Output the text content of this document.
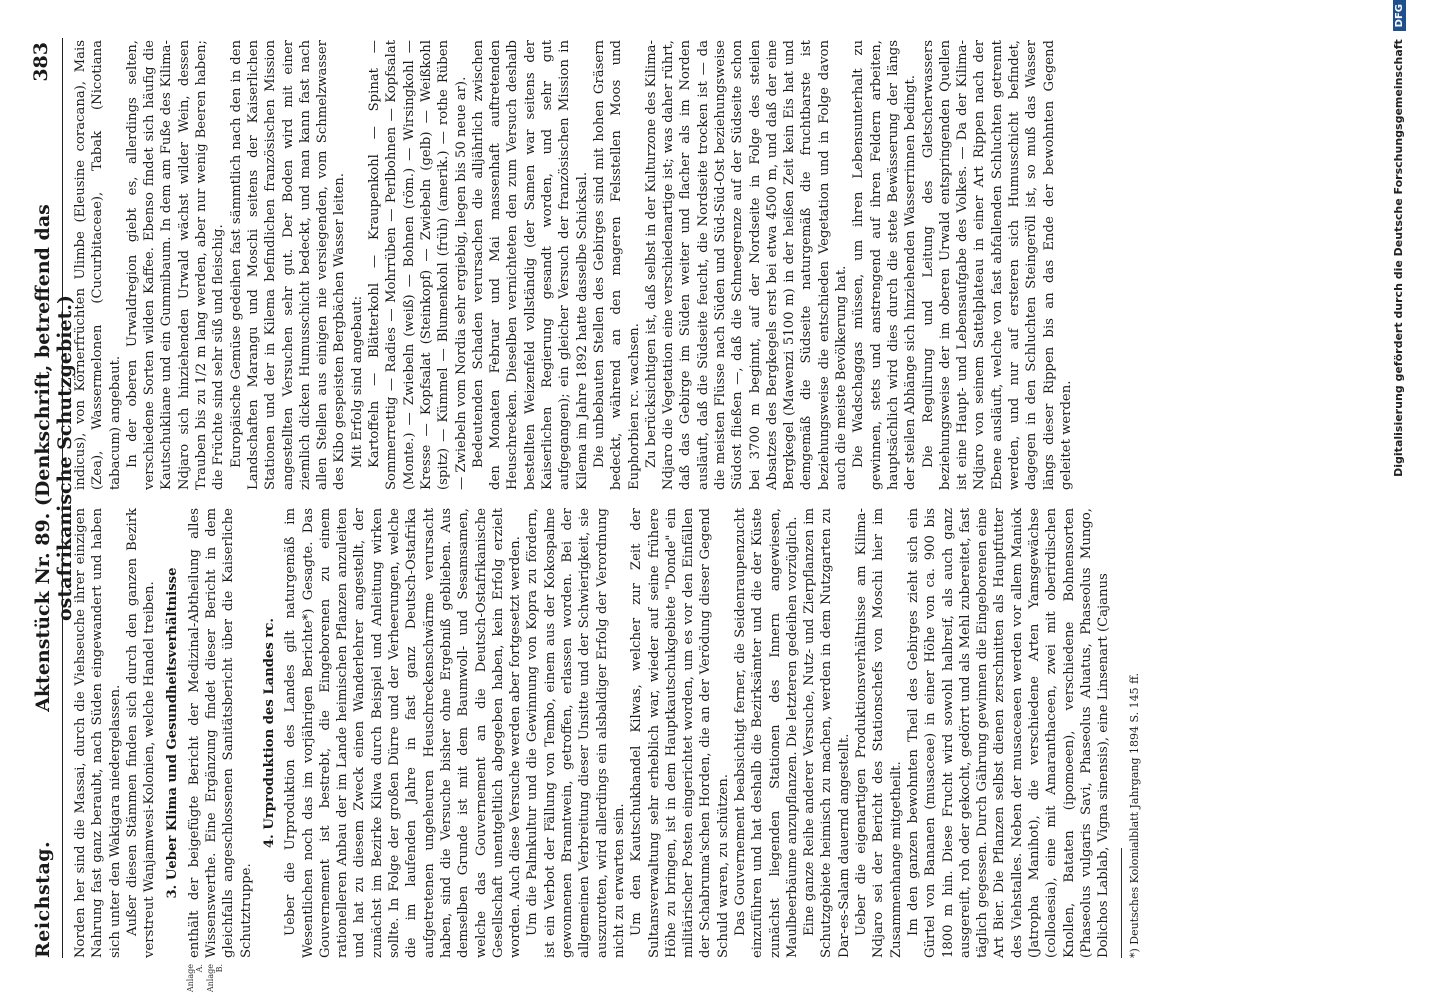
Reichstag.
Aktenstück Nr. 89. (Denkschrift, betreffend das ostafrikanische Schutzgebiet.)
383

Norden her sind die Massai, durch die Viehseuche ihrer einzigen Nahrung fast ganz beraubt, nach Süden eingewandert und haben sich unter den Wakigara niedergelassen. Außer diesen Stämmen finden sich durch den ganzen Bezirk verstreut Wanjamwesi-Kolonien, welche Handel treiben. 3. Ueber Klima und Gesundheitsverhältnisse
Anlage A. Anlage B.

enthält der beigefügte Bericht der Medizinal-Abtheilung alles Wissenswerthe. Eine Ergänzung findet dieser Bericht in dem gleichfalls angeschlossenen Sanitätsbericht über die Kaiserliche Schutztruppe.

4. Urproduktion des Landes rc. Ueber die Urproduktion des Landes gilt naturgemäß im Wesentlichen noch das im vorjährigen Berichte*) Gesagte. Das Gouvernement ist bestrebt, die Eingeborenen zu einem rationelleren Anbau der im Lande heimischen Pflanzen anzuleiten und hat zu diesem Zweck einen Wanderlehrer angestellt, der zunächst im Bezirke Kilwa durch Beispiel und Anleitung wirken sollte. In Folge der großen Dürre und der Verheerungen, welche die im laufenden Jahre in fast ganz Deutsch-Ostafrika aufgetretenen ungeheuren Heuschreckenschwärme verursacht haben, sind die Versuche bisher ohne Ergebniß geblieben. Aus demselben Grunde ist mit dem Baumwoll- und Sesamsamen, welche das Gouvernement an die Deutsch-Ostafrikanische Gesellschaft unentgeltlich abgegeben haben, kein Erfolg erzielt worden. Auch diese Versuche werden aber fortgesetzt werden. Um die Palmkultur und die Gewinnung von Kopra zu fördern, ist ein Verbot der Fällung von Tembo, einem aus der Kokospalme gewonnenen Branntwein, getroffen, erlassen worden. Bei der allgemeinen Verbreitung dieser Unsitte und der Schwierigkeit, sie auszurotten, wird allerdings ein alsbaldiger Erfolg der Verordnung nicht zu erwarten sein. Um den Kautschukhandel Kilwas, welcher zur Zeit der Sultansverwaltung sehr erheblich war, wieder auf seine frühere Höhe zu bringen, ist in dem Hauptkautschukgebiete "Donde" ein militärischer Posten eingerichtet worden, um es vor den Einfällen der Schabruma'schen Horden, die an der Verödung dieser Gegend Schuld waren, zu schützen. Das Gouvernement beabsichtigt ferner, die Seidenraupenzucht einzuführen und hat deshalb die Bezirksämter und die der Küste zunächst liegenden Stationen des Innern angewiesen, Maulbeerbäume anzupflanzen. Die letzteren gedeihen vorzüglich. Eine ganze Reihe anderer Versuche, Nutz- und Zierpflanzen im Schutzgebiete heimisch zu machen, werden in dem Nutzgarten zu Dar-es-Salam dauernd angestellt. Ueber die eigenartigen Produktionsverhältnisse am Kilima-Ndjaro sei der Bericht des Stationschefs von Moschi hier im Zusammenhange mitgetheilt. Im den ganzen bewohnten Theil des Gebirges zieht sich ein Gürtel von Bananen (musaceae) in einer Höhe von ca. 900 bis 1800 m hin. Diese Frucht wird sowohl halbreif, als auch ganz ausgereift, roh oder gekocht, gedörrt und als Mehl zubereitet, fast täglich gegessen. Durch Gährung gewinnen die Eingeborenen eine Art Bier. Die Pflanzen selbst dienen zerschnitten als Hauptfutter des Viehstalles. Neben der musaceaeen werden vor allem Maniok (Jatropha Manihot), die verschiedene Arten Yamsgewächse (colloaesia), eine mit Amaranthaceen, zwei mit oberirdischen Knollen, Bataten (ipomoeen), verschiedene Bohnensorten (Phaseolus vulgaris Savi, Phaseolus Aluatus, Phaseolus Mungo, Dolichos Lablab, Vigna sinensis), eine Linsenart (Cajanus *) Deutsches Kolonialblatt Jahrgang 1894 S. 145 ff.

indicus), von Körnerfrüchten Ulimbe (Eleusine coracana), Mais (Zea), Wassermelonen (Cucurbitaceae), Tabak (Nicotiana tabacum) angebaut. In der oberen Urwaldregion giebt es, allerdings selten, verschiedene Sorten wilden Kaffee. Ebenso findet sich häufig die Kautschukliane und ein Gummibaum. In dem am Fuße des Kilima-Ndjaro sich hinziehenden Urwald wächst wilder Wein, dessen Trauben bis zu 1/2 m lang werden, aber nur wenig Beeren haben; die Früchte sind sehr süß und fleischig. Europäische Gemüse gedeihen fast sämmtlich nach den in den Landschaften Marangu und Moschi seitens der Kaiserlichen Stationen und der in Kilema befindlichen französischen Mission angestellten Versuchen sehr gut. Der Boden wird mit einer ziemlich dicken Humusschicht bedeckt, und man kann fast nach allen Stellen aus einigen nie versiegenden, vom Schmelzwasser des Kibo gespeisten Bergbächen Wasser leiten. Mit Erfolg sind angebaut: Kartoffeln — Blätterkohl — Kraupenkohl — Spinat — Sommerrettig — Radies — Mohrrüben — Perlbohnen — Kopfsalat (Monte.) — Zwiebeln (weiß) — Bohnen (röm.) — Wirsingkohl — Kresse — Kopfsalat (Steinkopf) — Zwiebeln (gelb) — Weißkohl (spitz) — Kümmel — Blumenkohl (früh) (amerik.) — rothe Rüben — Zwiebeln vom Nordia sehr ergiebig, liegen bis 50 neue ar). Bedeutenden Schaden verursachen die alljährlich zwischen den Monaten Februar und Mai massenhaft auftretenden Heuschrecken. Dieselben vernichteten den zum Versuch deshalb bestellten Weizenfeld vollständig (der Samen war seitens der Kaiserlichen Regierung gesandt worden, und sehr gut aufgegangen); ein gleicher Versuch der französischen Mission in Kilema im Jahre 1892 hatte dasselbe Schicksal. Die unbebauten Stellen des Gebirges sind mit hohen Gräsern bedeckt, während an den mageren Felsstellen Moos und Euphorbien rc. wachsen. Zu berücksichtigen ist, daß selbst in der Kulturzone des Kilima-Ndjaro die Vegetation eine verschiedenartige ist; was daher rührt, daß das Gebirge im Süden weiter und flacher als im Norden ausläuft, daß die Südseite feucht, die Nordseite trocken ist — da die meisten Flüsse nach Süden und Süd-Süd-Ost beziehungsweise Südost fließen —, daß die Schneegrenze auf der Südseite schon bei 3700 m beginnt, auf der Nordseite in Folge des steilen Absatzes des Bergkegels erst bei etwa 4500 m, und daß der eine Bergkegel (Mawenzi 5100 m) in der heißen Zeit kein Eis hat und demgemäß die Südseite naturgemäß die fruchtbarste ist beziehungsweise die entschieden Vegetation und in Folge davon auch die meiste Bevölkerung hat. Die Wadschaggas müssen, um ihren Lebensunterhalt zu gewinnen, stets und anstrengend auf ihren Feldern arbeiten, hauptsächlich wird dies durch die stete Bewässerung der längs der steilen Abhänge sich hinziehenden Wasserrinnen bedingt. Die Regulirung und Leitung des Gletscherwassers beziehungsweise der im oberen Urwald entspringenden Quellen ist eine Haupt- und Lebensaufgabe des Volkes. — Da der Kilima-Ndjaro von seinem Sattelplateau in einer Art Rippen nach der Ebene ausläuft, welche von fast abfallenden Schluchten getrennt werden, und nur auf ersteren sich Humusschicht befindet, dagegen in den Schluchten Steingeröll ist, so muß das Wasser längs dieser Rippen bis an das Ende der bewohnten Gegend geleitet werden.	Digitalisierung gefördert durch die Deutsche Forschungsgemeinschaft DFG
